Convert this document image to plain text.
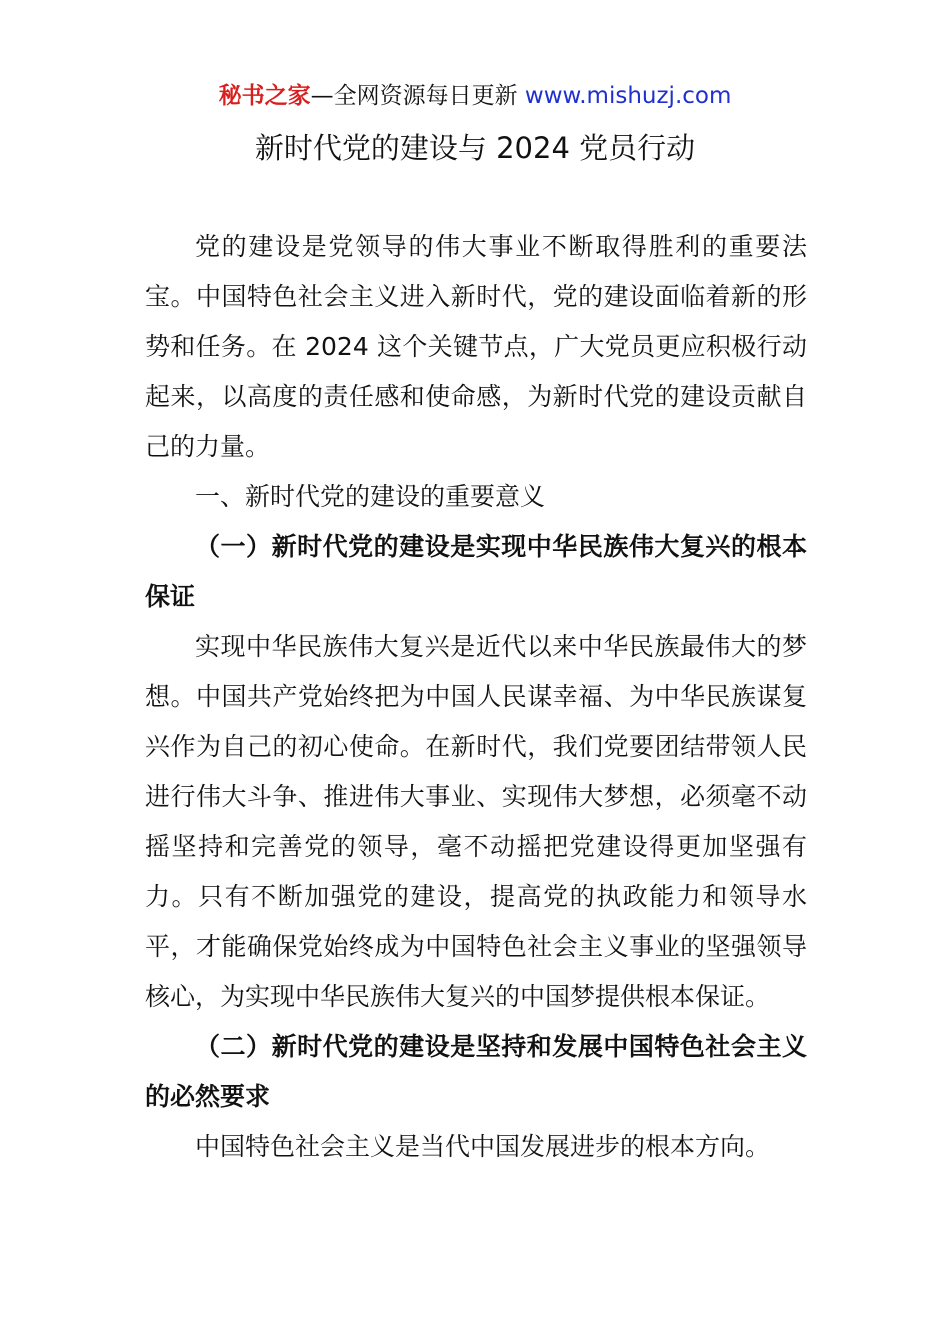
秘书之家—全网资源每日更新 www.mishuzj.com
新时代党的建设与 2024 党员行动

党的建设是党领导的伟大事业不断取得胜利的重要法宝。中国特色社会主义进入新时代，党的建设面临着新的形势和任务。在 2024 这个关键节点，广大党员更应积极行动起来，以高度的责任感和使命感，为新时代党的建设贡献自己的力量。

一、新时代党的建设的重要意义

（一）新时代党的建设是实现中华民族伟大复兴的根本保证

实现中华民族伟大复兴是近代以来中华民族最伟大的梦想。中国共产党始终把为中国人民谋幸福、为中华民族谋复兴作为自己的初心使命。在新时代，我们党要团结带领人民进行伟大斗争、推进伟大事业、实现伟大梦想，必须毫不动摇坚持和完善党的领导，毫不动摇把党建设得更加坚强有力。只有不断加强党的建设，提高党的执政能力和领导水平，才能确保党始终成为中国特色社会主义事业的坚强领导核心，为实现中华民族伟大复兴的中国梦提供根本保证。

（二）新时代党的建设是坚持和发展中国特色社会主义的必然要求

中国特色社会主义是当代中国发展进步的根本方向。
